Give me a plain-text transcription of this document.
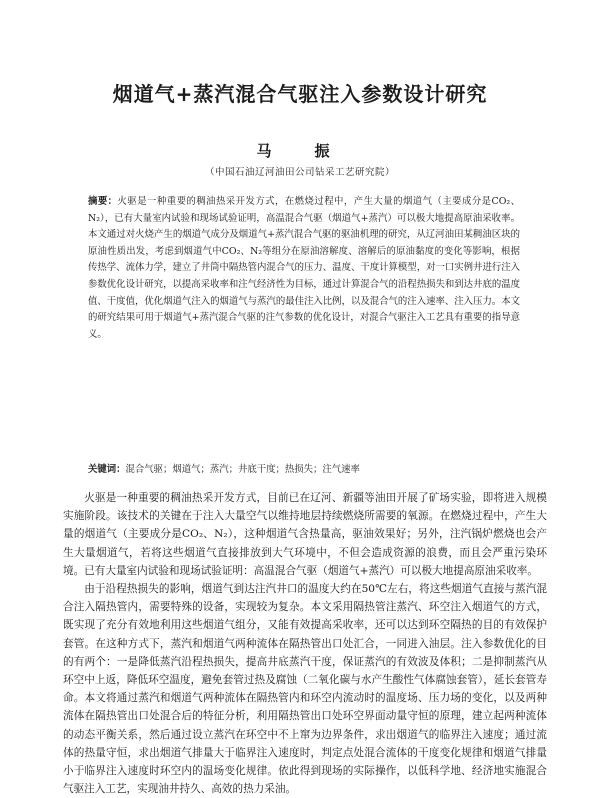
烟道气+蒸汽混合气驱注入参数设计研究
马　振
（中国石油辽河油田公司钻采工艺研究院）
摘要：火驱是一种重要的稠油热采开发方式，在燃烧过程中，产生大量的烟道气（主要成分是CO₂、N₂），已有大量室内试验和现场试验证明，高温混合气驱（烟道气+蒸汽）可以极大地提高原油采收率。本文通过对火烧产生的烟道气成分及烟道气+蒸汽混合气驱的驱油机理的研究，从辽河油田某稠油区块的原油性质出发，考虑到烟道气中CO₂、N₂等组分在原油溶解度、溶解后的原油黏度的变化等影响，根据传热学、流体力学，建立了井筒中隔热管内混合气的压力、温度、干度计算模型，对一口实例井进行注入参数优化设计研究，以提高采收率和注气经济性为目标，通过计算混合气的沿程热损失和到达井底的温度值、干度值，优化烟道气注入的烟道气与蒸汽的最佳注入比例，以及混合气的注入速率、注入压力。本文的研究结果可用于烟道气+蒸汽混合气驱的注气参数的优化设计，对混合气驱注入工艺具有重要的指导意义。
关键词：混合气驱；烟道气；蒸汽；井底干度；热损失；注气速率

火驱是一种重要的稠油热采开发方式，目前已在辽河、新疆等油田开展了矿场实验，即将进入规模实施阶段。该技术的关键在于注入大量空气以维持地层持续燃烧所需要的氧源。在燃烧过程中，产生大量的烟道气（主要成分是CO₂、N₂），这种烟道气含热量高，驱油效果好；另外，注汽锅炉燃烧也会产生大量烟道气，若将这些烟道气直接排放到大气环境中，不但会造成资源的浪费，而且会严重污染环境。已有大量室内试验和现场试验证明：高温混合气驱（烟道气+蒸汽）可以极大地提高原油采收率。

由于沿程热损失的影响，烟道气到达注汽井口的温度大约在50℃左右，将这些烟道气直接与蒸汽混合注入隔热管内，需要特殊的设备，实现较为复杂。本文采用隔热管注蒸汽、环空注入烟道气的方式，既实现了充分有效地利用这些烟道气组分，又能有效提高采收率，还可以达到环空隔热的目的有效保护套管。在这种方式下，蒸汽和烟道气两种流体在隔热管出口处汇合，一同进入油层。注入参数优化的目的有两个：一是降低蒸汽沿程热损失，提高井底蒸汽干度，保证蒸汽的有效波及体积；二是抑制蒸汽从环空中上返，降低环空温度，避免套管过热及腐蚀（二氧化碳与水产生酸性气体腐蚀套管），延长套管寿命。本文将通过蒸汽和烟道气两种流体在隔热管内和环空内流动时的温度场、压力场的变化，以及两种流体在隔热管出口处混合后的特征分析，利用隔热管出口处环空界面动量守恒的原理，建立起两种流体的动态平衡关系，然后通过设立蒸汽在环空中不上窜为边界条件，求出烟道气的临界注入速度；通过流体的热量守恒，求出烟道气排量大于临界注入速度时，判定点处混合流体的干度变化规律和烟道气排量小于临界注入速度时环空内的温场变化规律。依此得到现场的实际操作，以低科学地、经济地实施混合气驱注入工艺，实现油井持久、高效的热力采油。
